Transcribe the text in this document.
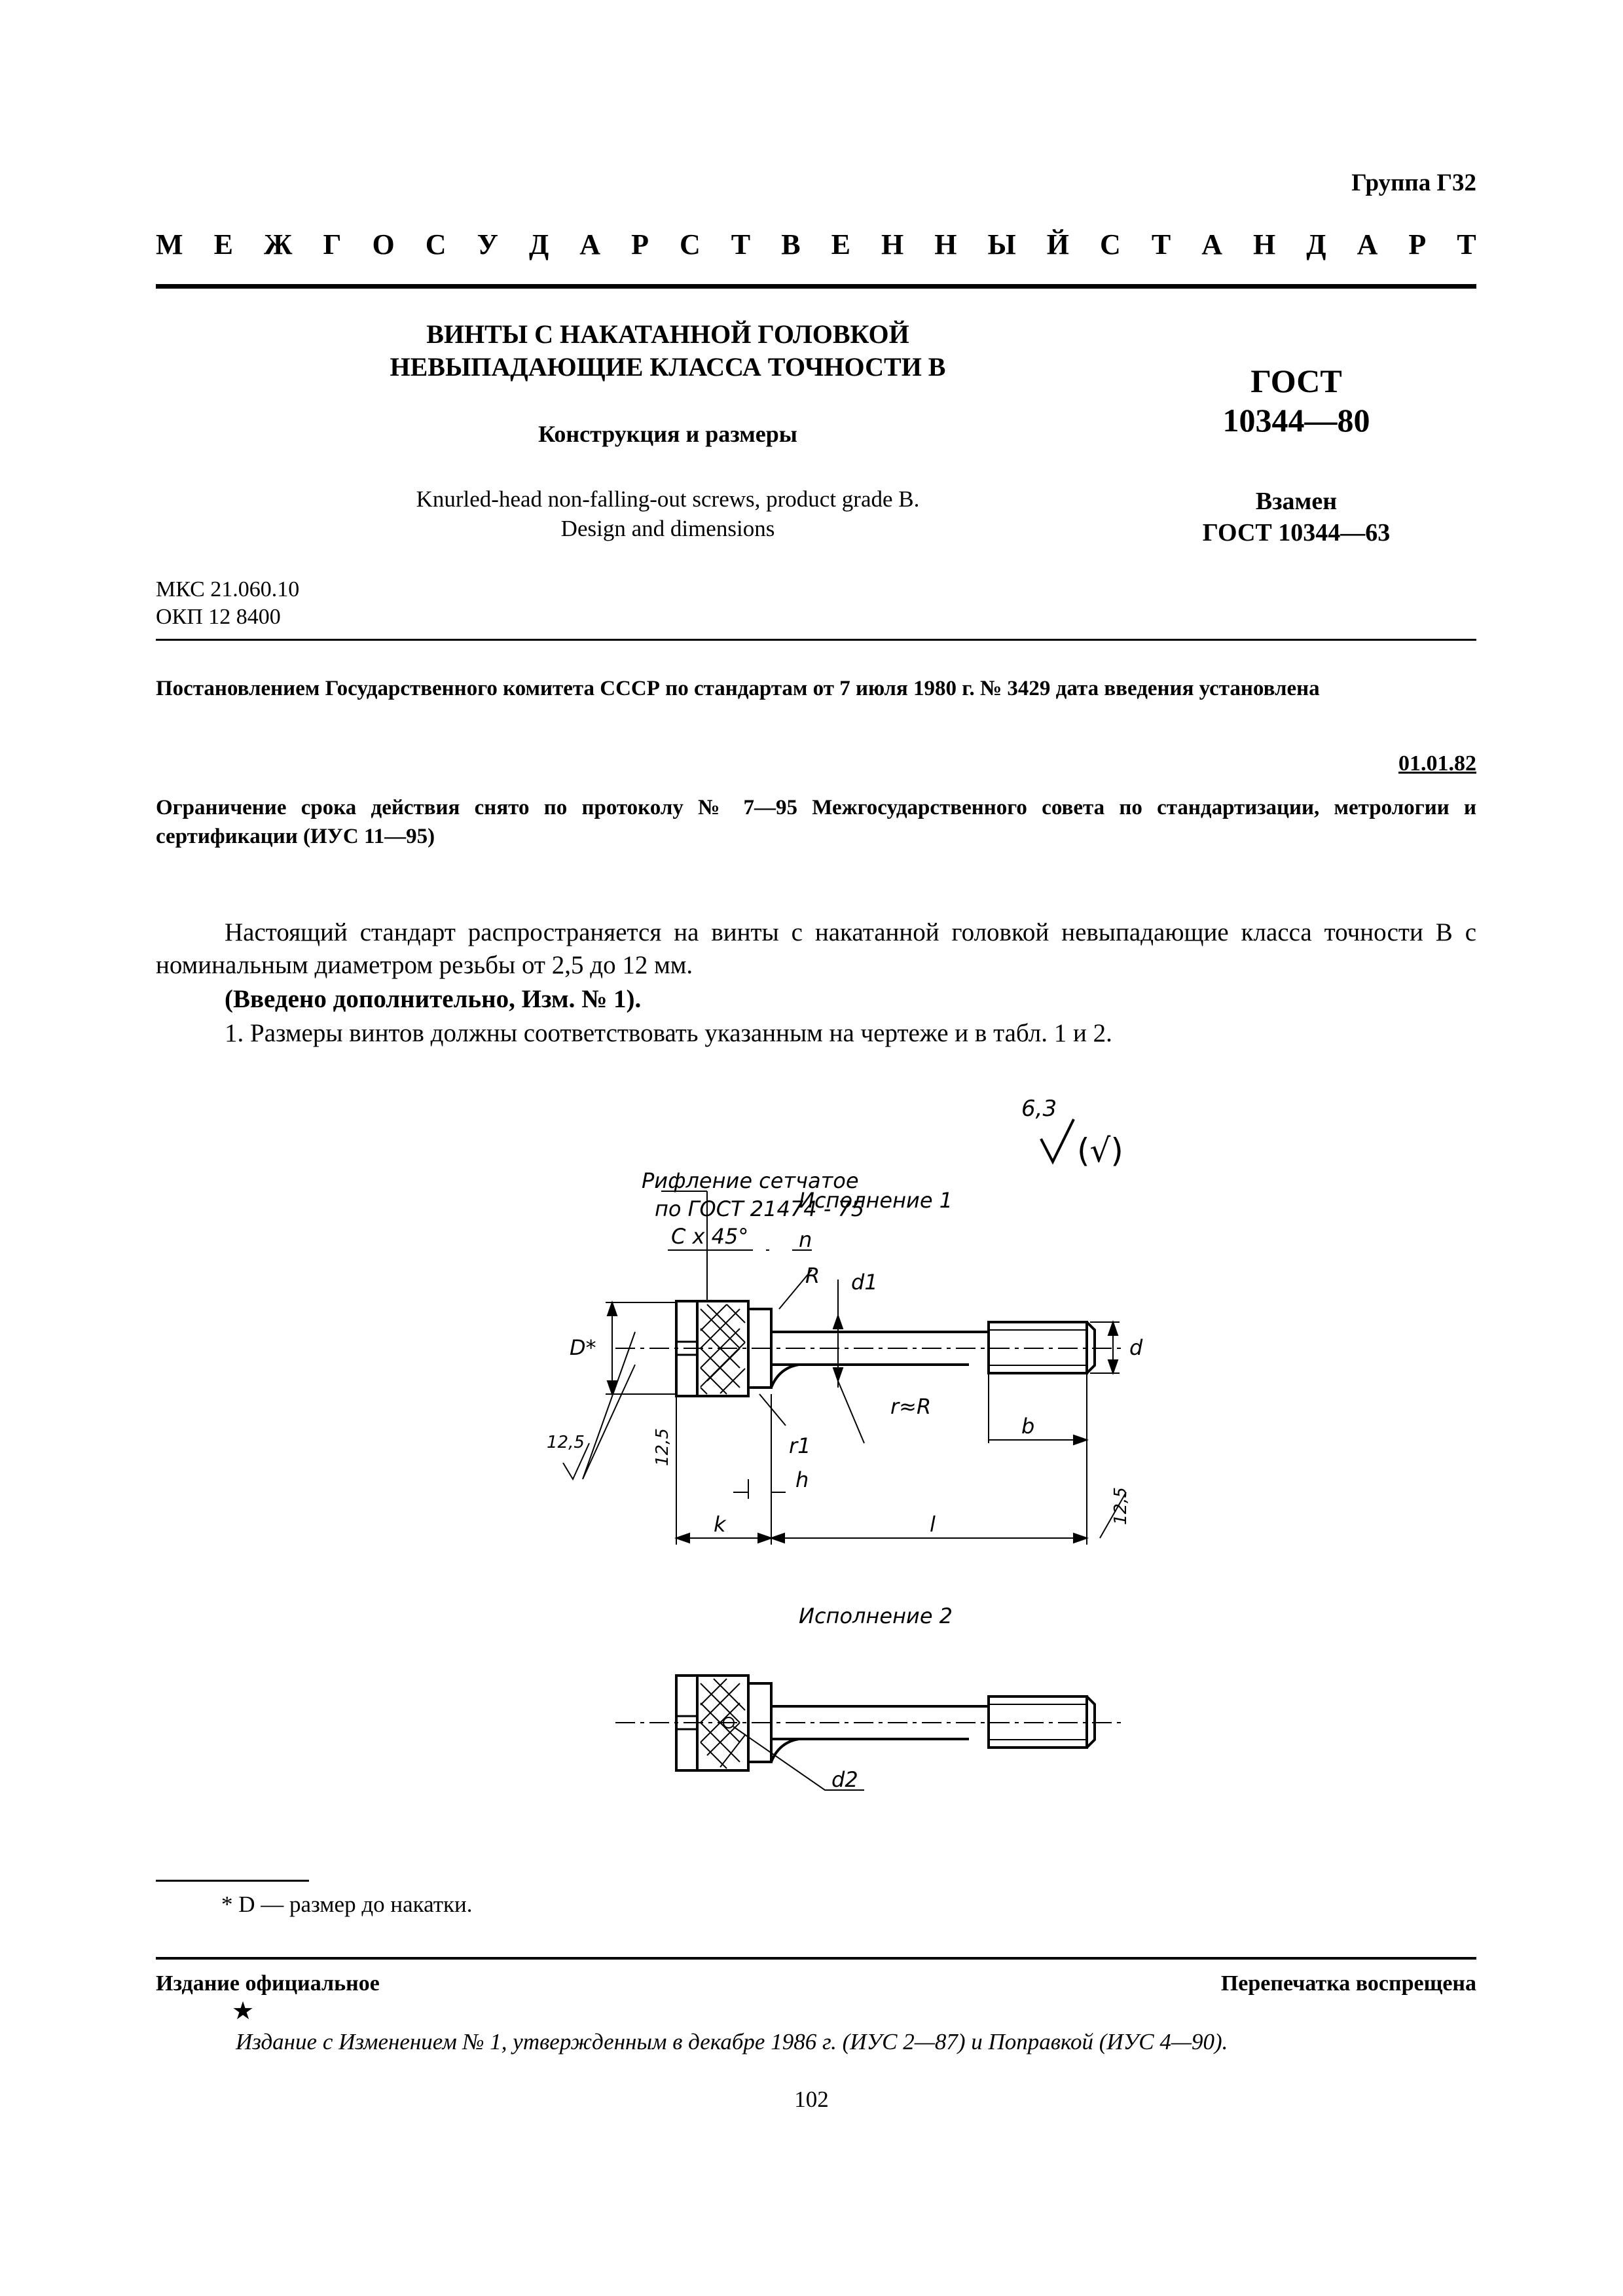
Группа Г32
М Е Ж Г О С У Д А Р С Т В Е Н Н Ы Й С Т А Н Д А Р Т
ВИНТЫ С НАКАТАННОЙ ГОЛОВКОЙ
НЕВЫПАДАЮЩИЕ КЛАССА ТОЧНОСТИ В
Конструкция и размеры
Knurled-head non-falling-out screws, product grade B.
Design and dimensions
ГОСТ
10344—80
Взамен
ГОСТ 10344—63
МКС 21.060.10
ОКП 12 8400
Постановлением Государственного комитета СССР по стандартам от 7 июля 1980 г. № 3429 дата введения установлена
01.01.82
Ограничение срока действия снято по протоколу № 7—95 Межгосударственного совета по стандартизации, метрологии и сертификации (ИУС 11—95)
Настоящий стандарт распространяется на винты с накатанной головкой невыпадающие класса точности В с номинальным диаметром резьбы от 2,5 до 12 мм.
(Введено дополнительно, Изм. № 1).
1. Размеры винтов должны соответствовать указанным на чертеже и в табл. 1 и 2.
6,3
(√)
Рифление сетчатое
по ГОСТ 21474 - 75
Исполнение 1
C x 45° n
R d1
d
D*
r≈R
b
r1
h
k	l
12,5	12,5
12,5
Исполнение 2
d2
* D — размер до накатки.
Издание официальное	Перепечатка воспрещена
★
Издание с Изменением № 1, утвержденным в декабре 1986 г. (ИУС 2—87) и Поправкой (ИУС 4—90).
102
